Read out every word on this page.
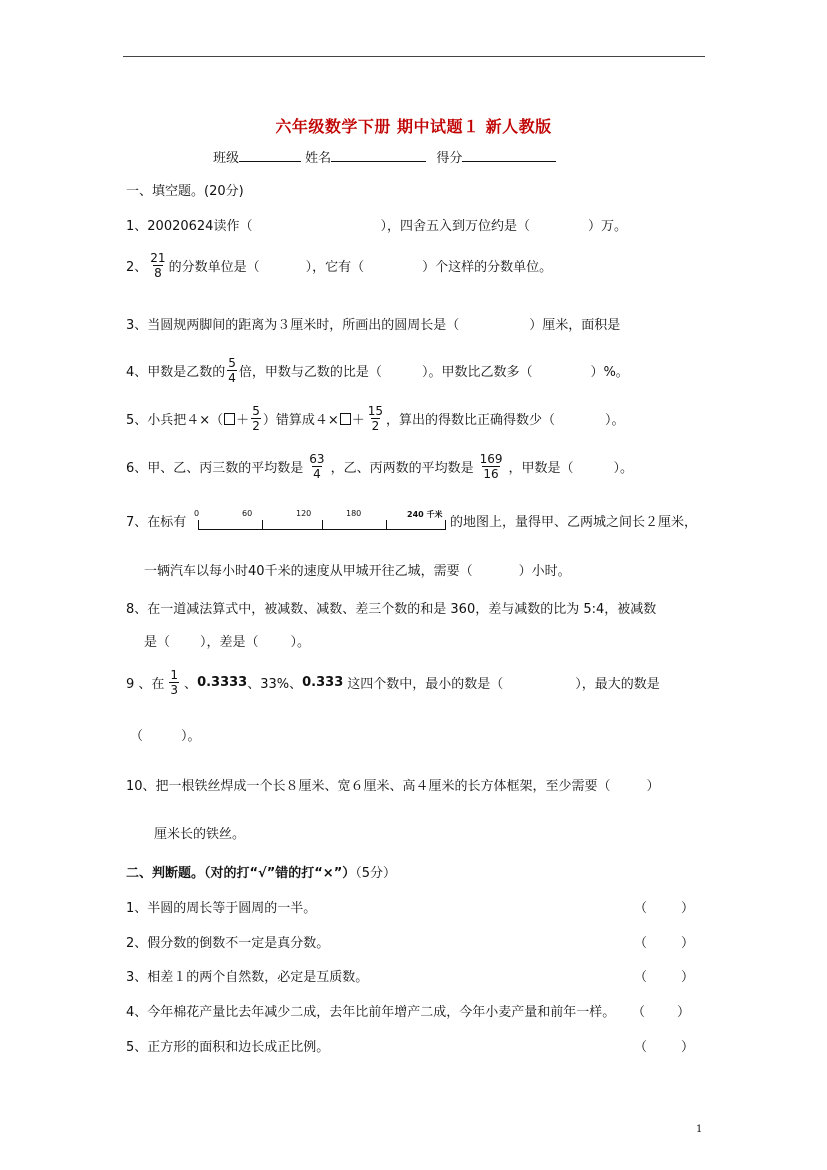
六年级数学下册 期中试题１ 新人教版
班级	姓名	得分
一、填空题。(20分)
1、20020624读作（	），四舍五入到万位约是（	）万。
2、 $\frac{21}{8}$ 的分数单位是（	），它有（	）个这样的分数单位。
3、当圆规两脚间的距离为３厘米时，所画出的圆周长是（	）厘米，面积是
4、甲数是乙数的 $\frac{5}{4}$ 倍，甲数与乙数的比是（	）。甲数比乙数多（	）%。
5、小兵把$4\times( + \frac{5}{2}$ ）错算成$4\times + \frac{15}{2}$ ，算出的得数比正确得数少（	）。
6、甲、乙、丙三数的平均数是 $\frac{63}{4}$ ，乙、丙两数的平均数是 $\frac{169}{16}$ ，甲数是（	）。
7、在标有
0	60	120	180	240 千米
的地图上，量得甲、乙两城之间长２厘米，
一辆汽车以每小时40千米的速度从甲城开往乙城，需要（	）小时。
8、在一道减法算式中，被减数、减数、差三个数的和是 360，差与减数的比为 5:4，被减数
是（ ），差是（ ）。
9 、在 $\frac{1}{3}$ 、 0.3333 、33%、 0.333 这四个数中，最小的数是（	），最大的数是
（	）。
10、把一根铁丝焊成一个长８厘米、宽６厘米、高４厘米的长方体框架，至少需要（	）
厘米长的铁丝。
二、判断题。（对的打“√”错的打“×”）（5分）
1、半圆的周长等于圆周的一半。	（	）
2、假分数的倒数不一定是真分数。	（	）
3、相差１的两个自然数，必定是互质数。	（	）
4、今年棉花产量比去年减少二成，去年比前年增产二成，今年小麦产量和前年一样。 （ ）
5、正方形的面积和边长成正比例。	（	）
1
